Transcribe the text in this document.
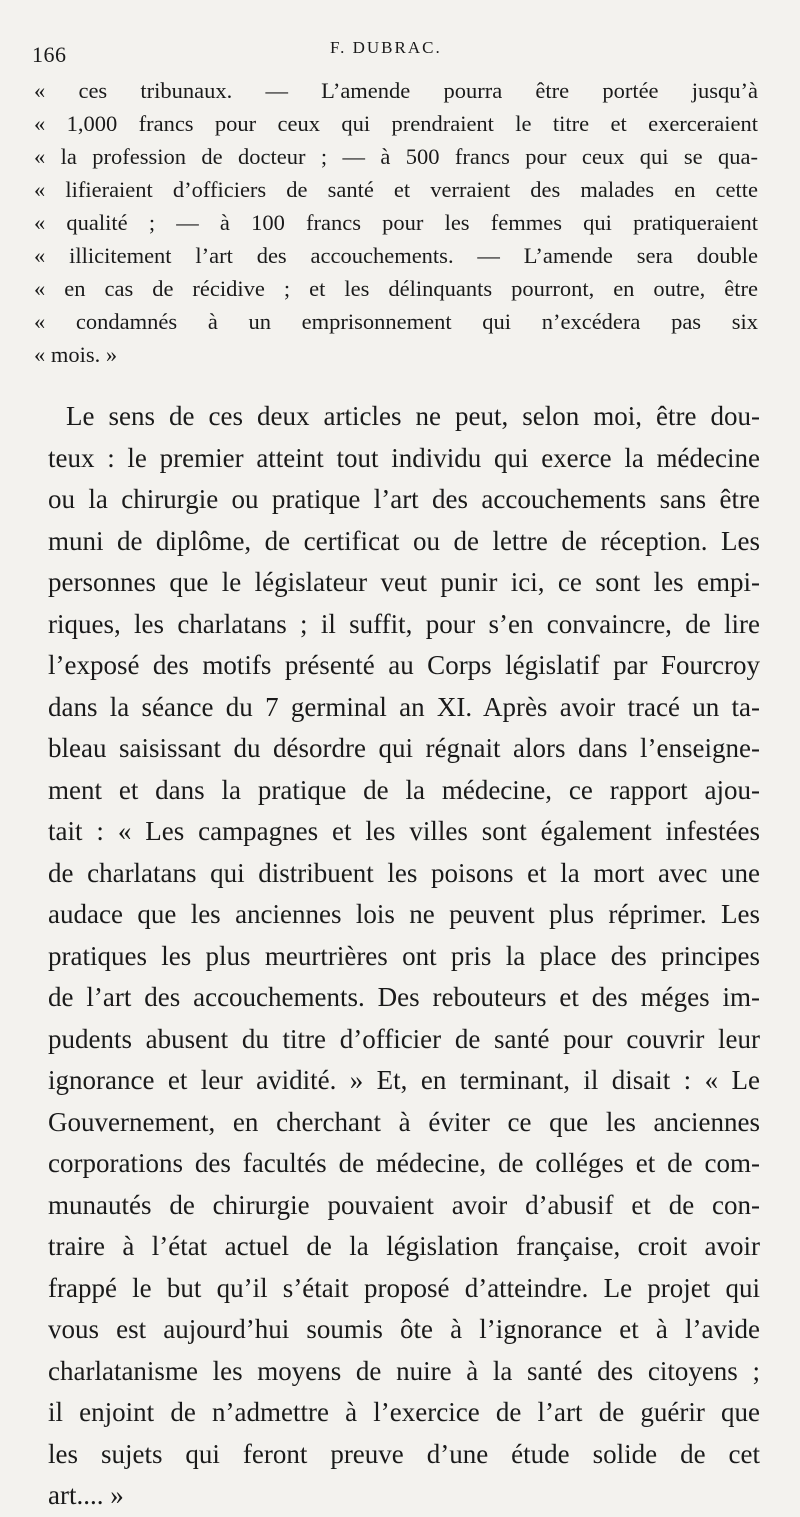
166	F. DUBRAC.
« ces tribunaux. — L’amende pourra être portée jusqu’à
« 1,000 francs pour ceux qui prendraient le titre et exerceraient
« la profession de docteur ; — à 500 francs pour ceux qui se qua-
« lifieraient d’officiers de santé et verraient des malades en cette
« qualité ; — à 100 francs pour les femmes qui pratiqueraient
« illicitement l’art des accouchements. — L’amende sera double
« en cas de récidive ; et les délinquants pourront, en outre, être
« condamnés à un emprisonnement qui n’excédera pas six
« mois. »
Le sens de ces deux articles ne peut, selon moi, être dou-
teux : le premier atteint tout individu qui exerce la médecine
ou la chirurgie ou pratique l’art des accouchements sans être
muni de diplôme, de certificat ou de lettre de réception. Les
personnes que le législateur veut punir ici, ce sont les empi-
riques, les charlatans ; il suffit, pour s’en convaincre, de lire
l’exposé des motifs présenté au Corps législatif par Fourcroy
dans la séance du 7 germinal an XI. Après avoir tracé un ta-
bleau saisissant du désordre qui régnait alors dans l’enseigne-
ment et dans la pratique de la médecine, ce rapport ajou-
tait : « Les campagnes et les villes sont également infestées
de charlatans qui distribuent les poisons et la mort avec une
audace que les anciennes lois ne peuvent plus réprimer. Les
pratiques les plus meurtrières ont pris la place des principes
de l’art des accouchements. Des rebouteurs et des méges im-
pudents abusent du titre d’officier de santé pour couvrir leur
ignorance et leur avidité. » Et, en terminant, il disait : « Le
Gouvernement, en cherchant à éviter ce que les anciennes
corporations des facultés de médecine, de colléges et de com-
munautés de chirurgie pouvaient avoir d’abusif et de con-
traire à l’état actuel de la législation française, croit avoir
frappé le but qu’il s’était proposé d’atteindre. Le projet qui
vous est aujourd’hui soumis ôte à l’ignorance et à l’avide
charlatanisme les moyens de nuire à la santé des citoyens ;
il enjoint de n’admettre à l’exercice de l’art de guérir que
les sujets qui feront preuve d’une étude solide de cet
art.... »
